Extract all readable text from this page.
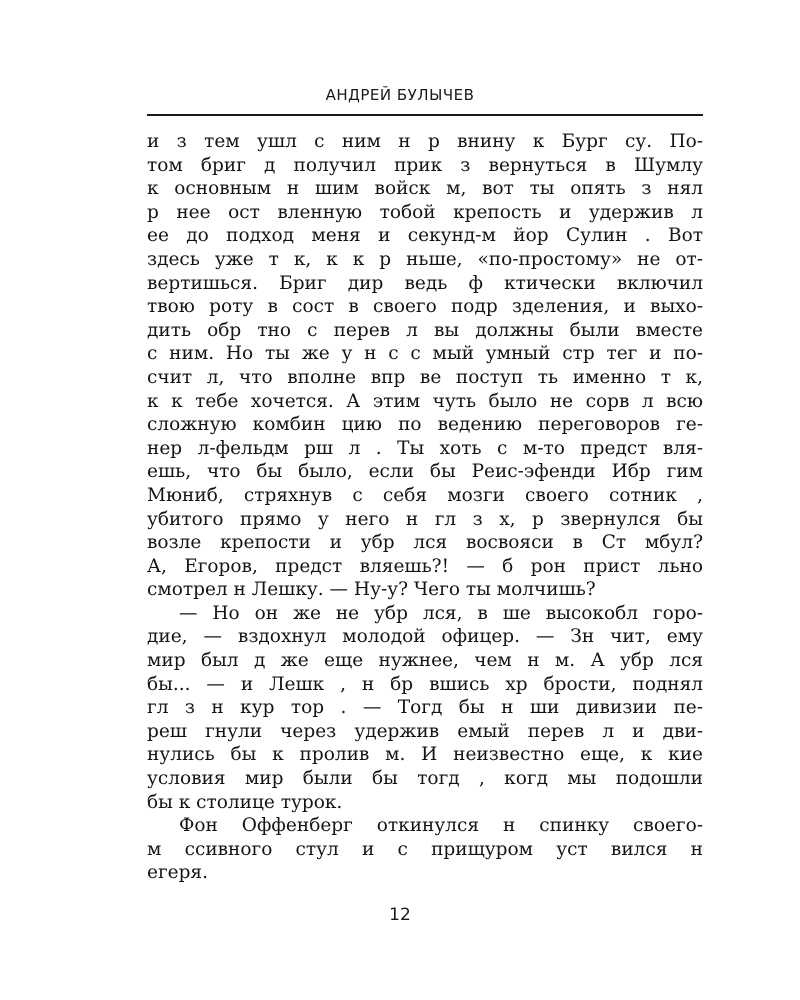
АНДРЕЙ БУЛЫЧЕВ
и з тем ушл с ним н р внину к Бург су. По-
том бриг д получил прик з вернуться в Шумлу
к основным н шим войск м, вот ты опять з нял
р нее ост вленную тобой крепость и удержив л
ее до подход меня и секунд-м йор Сулин . Вот
здесь уже т к, к к р ньше, «по-простому» не от-
вертишься. Бриг дир ведь ф ктически включил
твою роту в сост в своего подр зделения, и выхо-
дить обр тно с перев л вы должны были вместе
с ним. Но ты же у н с с мый умный стр тег и по-
счит л, что вполне впр ве поступ ть именно т к,
к к тебе хочется. А этим чуть было не сорв л всю
сложную комбин цию по ведению переговоров ге-
нер л-фельдм рш л . Ты хоть с м-то предст вля-
ешь, что бы было, если бы Реис-эфенди Ибр гим
Мюниб, стряхнув с себя мозги своего сотник ,
убитого прямо у него н гл з х, р звернулся бы
возле крепости и убр лся восвояси в Ст мбул?
А, Егоров, предст вляешь?! — б рон прист льно
смотрел н Лешку. — Ну-у? Чего ты молчишь?
— Но он же не убр лся, в ше высокобл горо-
дие, — вздохнул молодой офицер. — Зн чит, ему
мир был д же еще нужнее, чем н м. А убр лся
бы... — и Лешк , н бр вшись хр брости, поднял
гл з н кур тор . — Тогд бы н ши дивизии пе-
реш гнули через удержив емый перев л и дви-
нулись бы к пролив м. И неизвестно еще, к кие
условия мир были бы тогд , когд мы подошли
бы к столице турок.
Фон Оффенберг откинулся н спинку своего-
м ссивного стул и с прищуром уст вился н
егеря.
12
